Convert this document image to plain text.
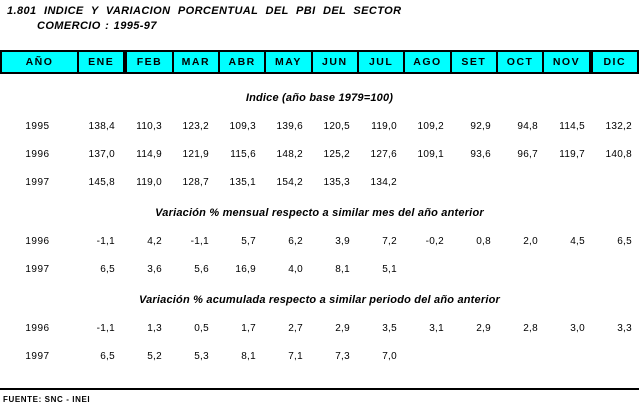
1.801 INDICE Y VARIACION PORCENTUAL DEL PBI DEL SECTOR
COMERCIO : 1995-97
AÑO	ENE	FEB	MAR	ABR	MAY	JUN	JUL	AGO	SET	OCT	NOV	DIC
Indice (año base 1979=100)
1995	138,4	110,3	123,2	109,3	139,6	120,5	119,0	109,2	92,9	94,8	114,5	132,2
1996	137,0	114,9	121,9	115,6	148,2	125,2	127,6	109,1	93,6	96,7	119,7	140,8
1997	145,8	119,0	128,7	135,1	154,2	135,3	134,2
Variación % mensual respecto a similar mes del año anterior
1996	-1,1	4,2	-1,1	5,7	6,2	3,9	7,2	-0,2	0,8	2,0	4,5	6,5
1997	6,5	3,6	5,6	16,9	4,0	8,1	5,1
Variación % acumulada respecto a similar periodo del año anterior
1996	-1,1	1,3	0,5	1,7	2,7	2,9	3,5	3,1	2,9	2,8	3,0	3,3
1997	6,5	5,2	5,3	8,1	7,1	7,3	7,0
FUENTE: SNC - INEI
